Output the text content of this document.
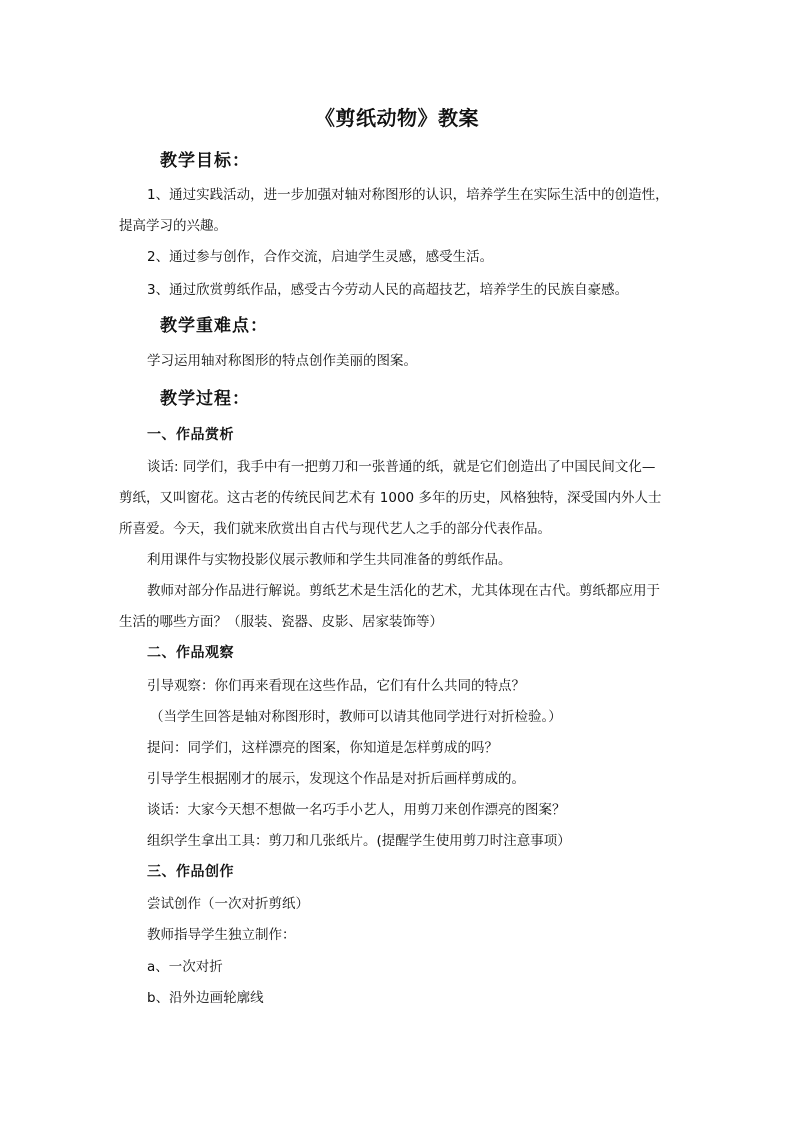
《剪纸动物》教案
教学目标：
1、通过实践活动，进一步加强对轴对称图形的认识，培养学生在实际生活中的创造性，
提高学习的兴趣。
2、通过参与创作，合作交流，启迪学生灵感，感受生活。
3、通过欣赏剪纸作品，感受古今劳动人民的高超技艺，培养学生的民族自豪感。
教学重难点：
学习运用轴对称图形的特点创作美丽的图案。
教学过程：
一、作品赏析
谈话: 同学们，我手中有一把剪刀和一张普通的纸，就是它们创造出了中国民间文化—
剪纸，又叫窗花。这古老的传统民间艺术有 1000 多年的历史，风格独特，深受国内外人士
所喜爱。今天，我们就来欣赏出自古代与现代艺人之手的部分代表作品。
利用课件与实物投影仪展示教师和学生共同准备的剪纸作品。
教师对部分作品进行解说。剪纸艺术是生活化的艺术，尤其体现在古代。剪纸都应用于
生活的哪些方面？（服装、瓷器、皮影、居家装饰等）
二、作品观察
引导观察：你们再来看现在这些作品，它们有什么共同的特点？
（当学生回答是轴对称图形时，教师可以请其他同学进行对折检验。）
提问：同学们，这样漂亮的图案，你知道是怎样剪成的吗？
引导学生根据刚才的展示，发现这个作品是对折后画样剪成的。
谈话：大家今天想不想做一名巧手小艺人，用剪刀来创作漂亮的图案？
组织学生拿出工具：剪刀和几张纸片。(提醒学生使用剪刀时注意事项）
三、作品创作
尝试创作（一次对折剪纸）
教师指导学生独立制作：
a、一次对折
b、沿外边画轮廓线
